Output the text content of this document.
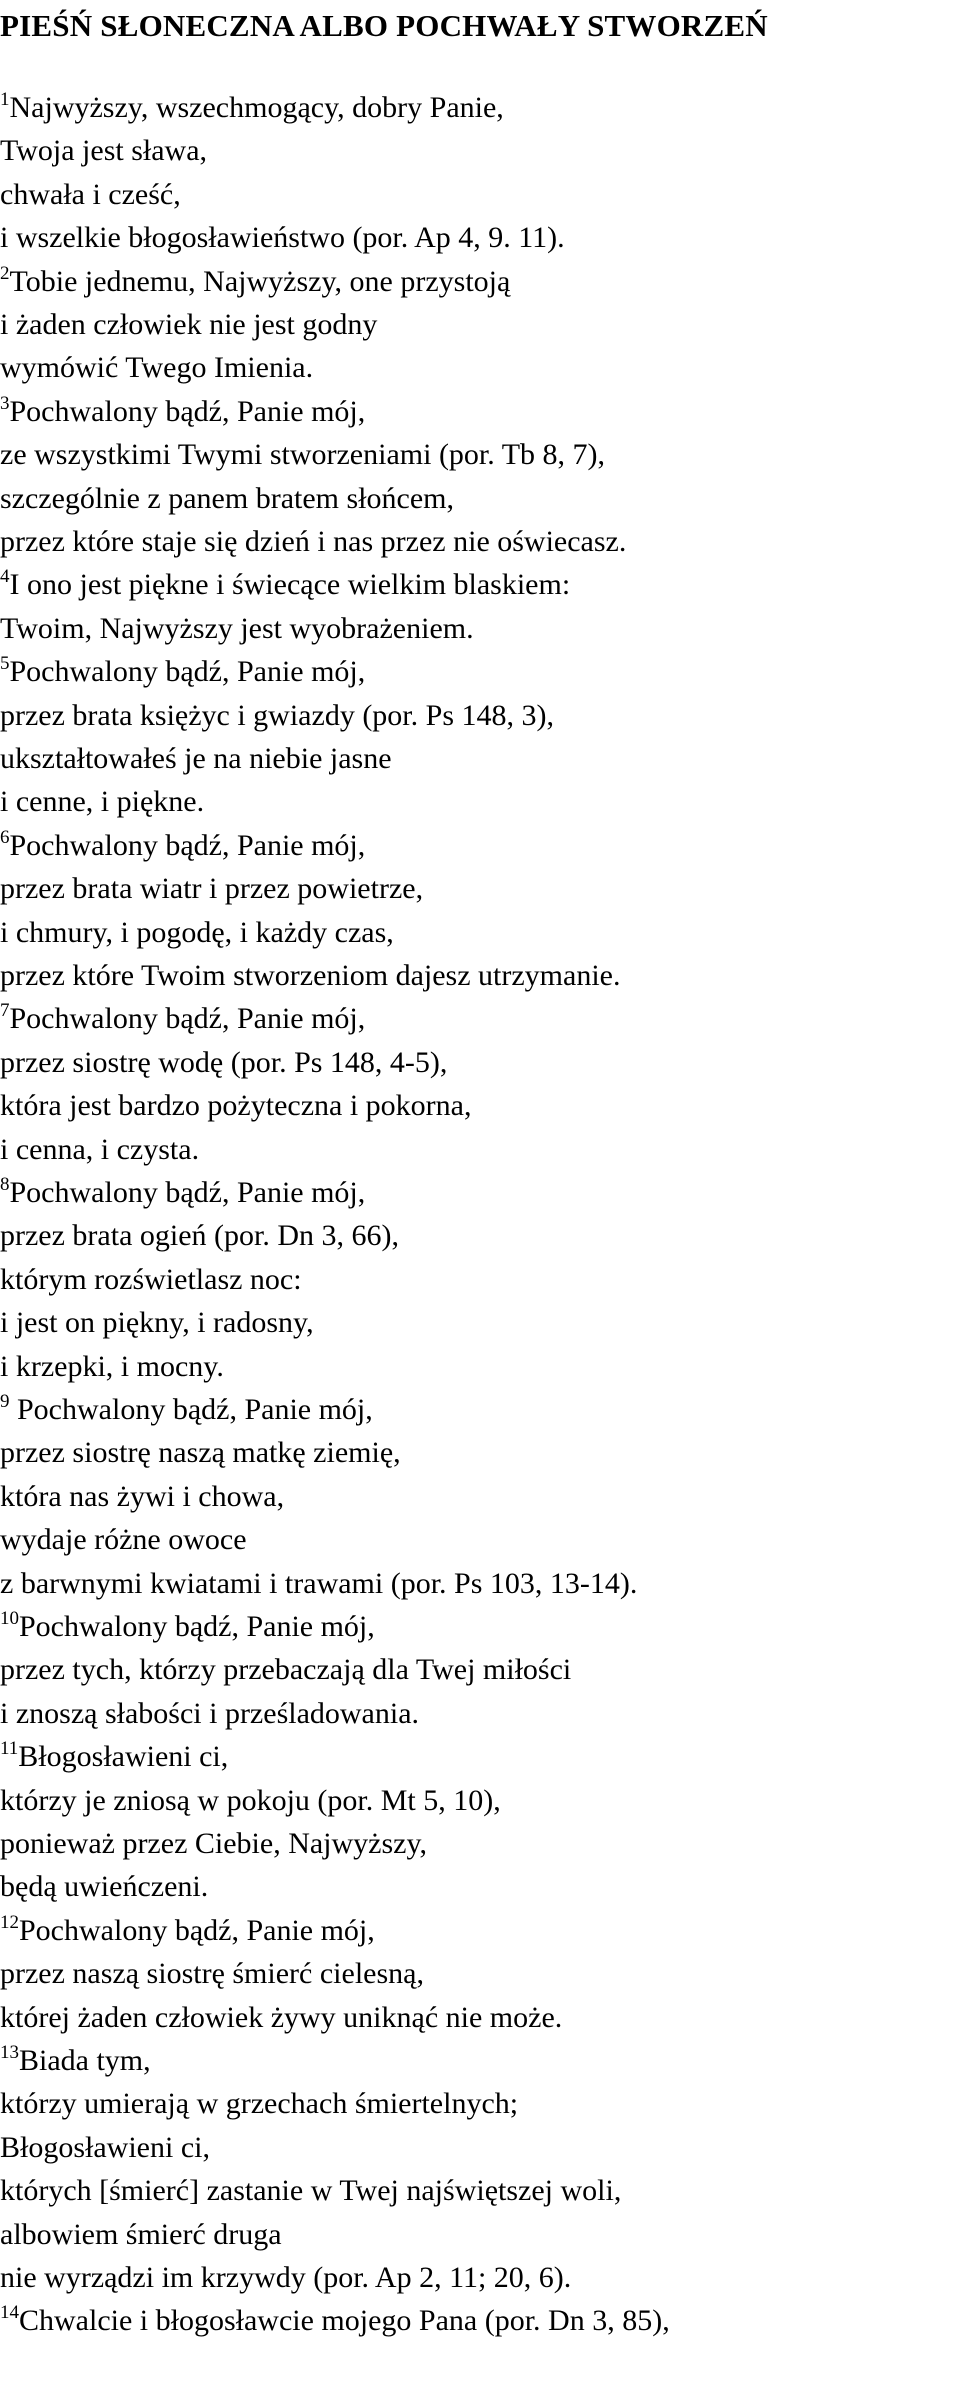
PIEŚŃ SŁONECZNA ALBO POCHWAŁY STWORZEŃ
$^1$Najwyższy, wszechmogący, dobry Panie,
Twoja jest sława,
chwała i cześć,
i wszelkie błogosławieństwo (por. Ap 4, 9. 11).
$^2$Tobie jednemu, Najwyższy, one przystoją
i żaden człowiek nie jest godny
wymówić Twego Imienia.
$^3$Pochwalony bądź, Panie mój,
ze wszystkimi Twymi stworzeniami (por. Tb 8, 7),
szczególnie z panem bratem słońcem,
przez które staje się dzień i nas przez nie oświecasz.
$^4$I ono jest piękne i świecące wielkim blaskiem:
Twoim, Najwyższy jest wyobrażeniem.
$^5$Pochwalony bądź, Panie mój,
przez brata księżyc i gwiazdy (por. Ps 148, 3),
ukształtowałeś je na niebie jasne
i cenne, i piękne.
$^6$Pochwalony bądź, Panie mój,
przez brata wiatr i przez powietrze,
i chmury, i pogodę, i każdy czas,
przez które Twoim stworzeniom dajesz utrzymanie.
$^7$Pochwalony bądź, Panie mój,
przez siostrę wodę (por. Ps 148, 4-5),
która jest bardzo pożyteczna i pokorna,
i cenna, i czysta.
$^8$Pochwalony bądź, Panie mój,
przez brata ogień (por. Dn 3, 66),
którym rozświetlasz noc:
i jest on piękny, i radosny,
i krzepki, i mocny.
$^9$ Pochwalony bądź, Panie mój,
przez siostrę naszą matkę ziemię,
która nas żywi i chowa,
wydaje różne owoce
z barwnymi kwiatami i trawami (por. Ps 103, 13-14).
$^{10}$Pochwalony bądź, Panie mój,
przez tych, którzy przebaczają dla Twej miłości
i znoszą słabości i prześladowania.
$^{11}$Błogosławieni ci,
którzy je zniosą w pokoju (por. Mt 5, 10),
ponieważ przez Ciebie, Najwyższy,
będą uwieńczeni.
$^{12}$Pochwalony bądź, Panie mój,
przez naszą siostrę śmierć cielesną,
której żaden człowiek żywy uniknąć nie może.
$^{13}$Biada tym,
którzy umierają w grzechach śmiertelnych;
Błogosławieni ci,
których [śmierć] zastanie w Twej najświętszej woli,
albowiem śmierć druga
nie wyrządzi im krzywdy (por. Ap 2, 11; 20, 6).
$^{14}$Chwalcie i błogosławcie mojego Pana (por. Dn 3, 85),
